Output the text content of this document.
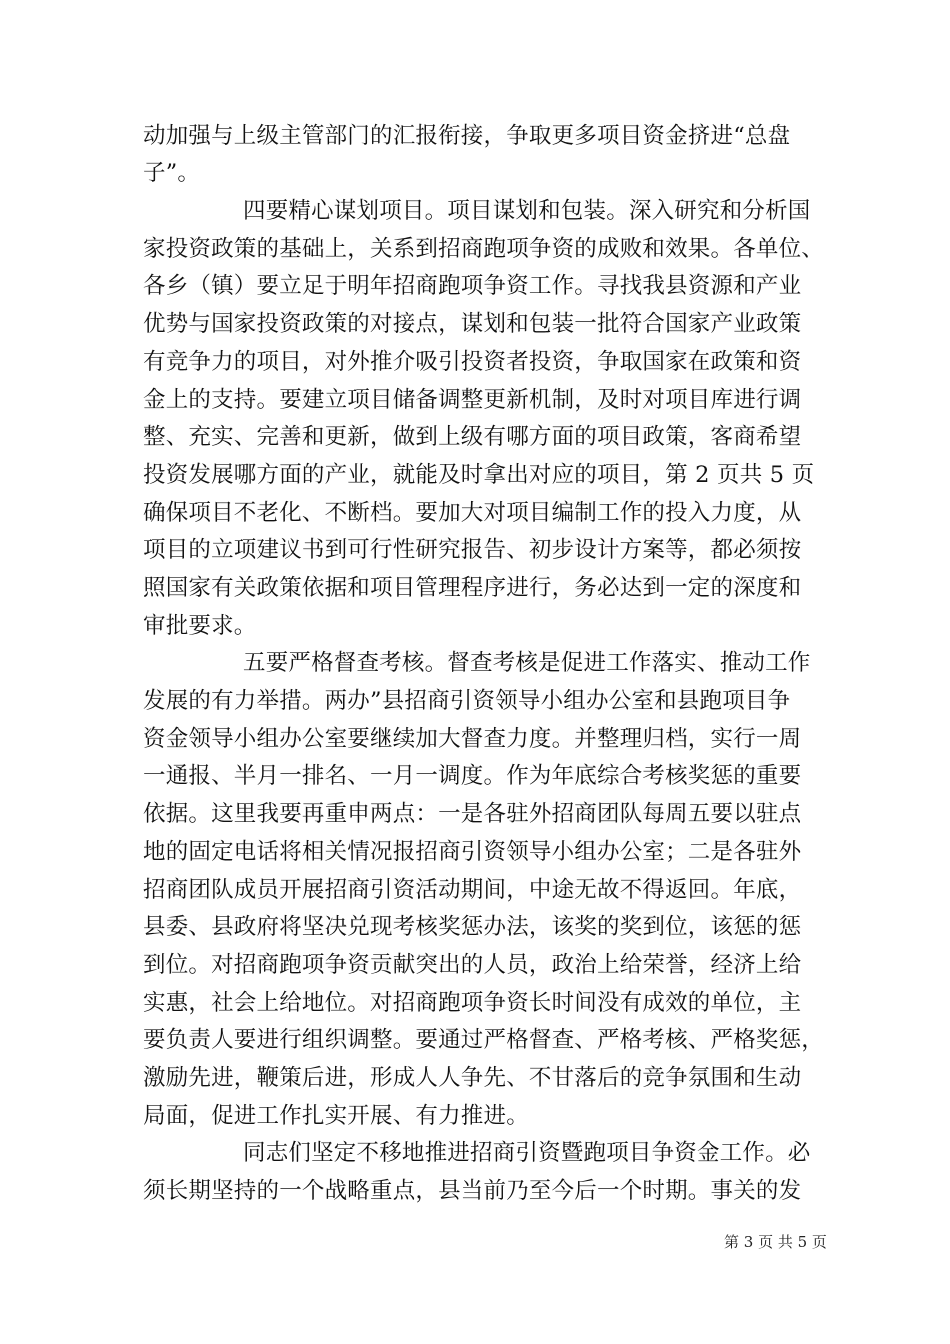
动加强与上级主管部门的汇报衔接，争取更多项目资金挤进“总盘
子”。
四要精心谋划项目。项目谋划和包装。深入研究和分析国
家投资政策的基础上，关系到招商跑项争资的成败和效果。各单位、
各乡（镇）要立足于明年招商跑项争资工作。寻找我县资源和产业
优势与国家投资政策的对接点，谋划和包装一批符合国家产业政策
有竞争力的项目，对外推介吸引投资者投资，争取国家在政策和资
金上的支持。要建立项目储备调整更新机制，及时对项目库进行调
整、充实、完善和更新，做到上级有哪方面的项目政策，客商希望
投资发展哪方面的产业，就能及时拿出对应的项目，第 2 页共 5 页
确保项目不老化、不断档。要加大对项目编制工作的投入力度，从
项目的立项建议书到可行性研究报告、初步设计方案等，都必须按
照国家有关政策依据和项目管理程序进行，务必达到一定的深度和
审批要求。
五要严格督查考核。督查考核是促进工作落实、推动工作
发展的有力举措。两办”县招商引资领导小组办公室和县跑项目争
资金领导小组办公室要继续加大督查力度。并整理归档，实行一周
一通报、半月一排名、一月一调度。作为年底综合考核奖惩的重要
依据。这里我要再重申两点：一是各驻外招商团队每周五要以驻点
地的固定电话将相关情况报招商引资领导小组办公室；二是各驻外
招商团队成员开展招商引资活动期间，中途无故不得返回。年底，
县委、县政府将坚决兑现考核奖惩办法，该奖的奖到位，该惩的惩
到位。对招商跑项争资贡献突出的人员，政治上给荣誉，经济上给
实惠，社会上给地位。对招商跑项争资长时间没有成效的单位，主
要负责人要进行组织调整。要通过严格督查、严格考核、严格奖惩，
激励先进，鞭策后进，形成人人争先、不甘落后的竞争氛围和生动
局面，促进工作扎实开展、有力推进。
同志们坚定不移地推进招商引资暨跑项目争资金工作。必
须长期坚持的一个战略重点，县当前乃至今后一个时期。事关的发
第 3 页 共 5 页
